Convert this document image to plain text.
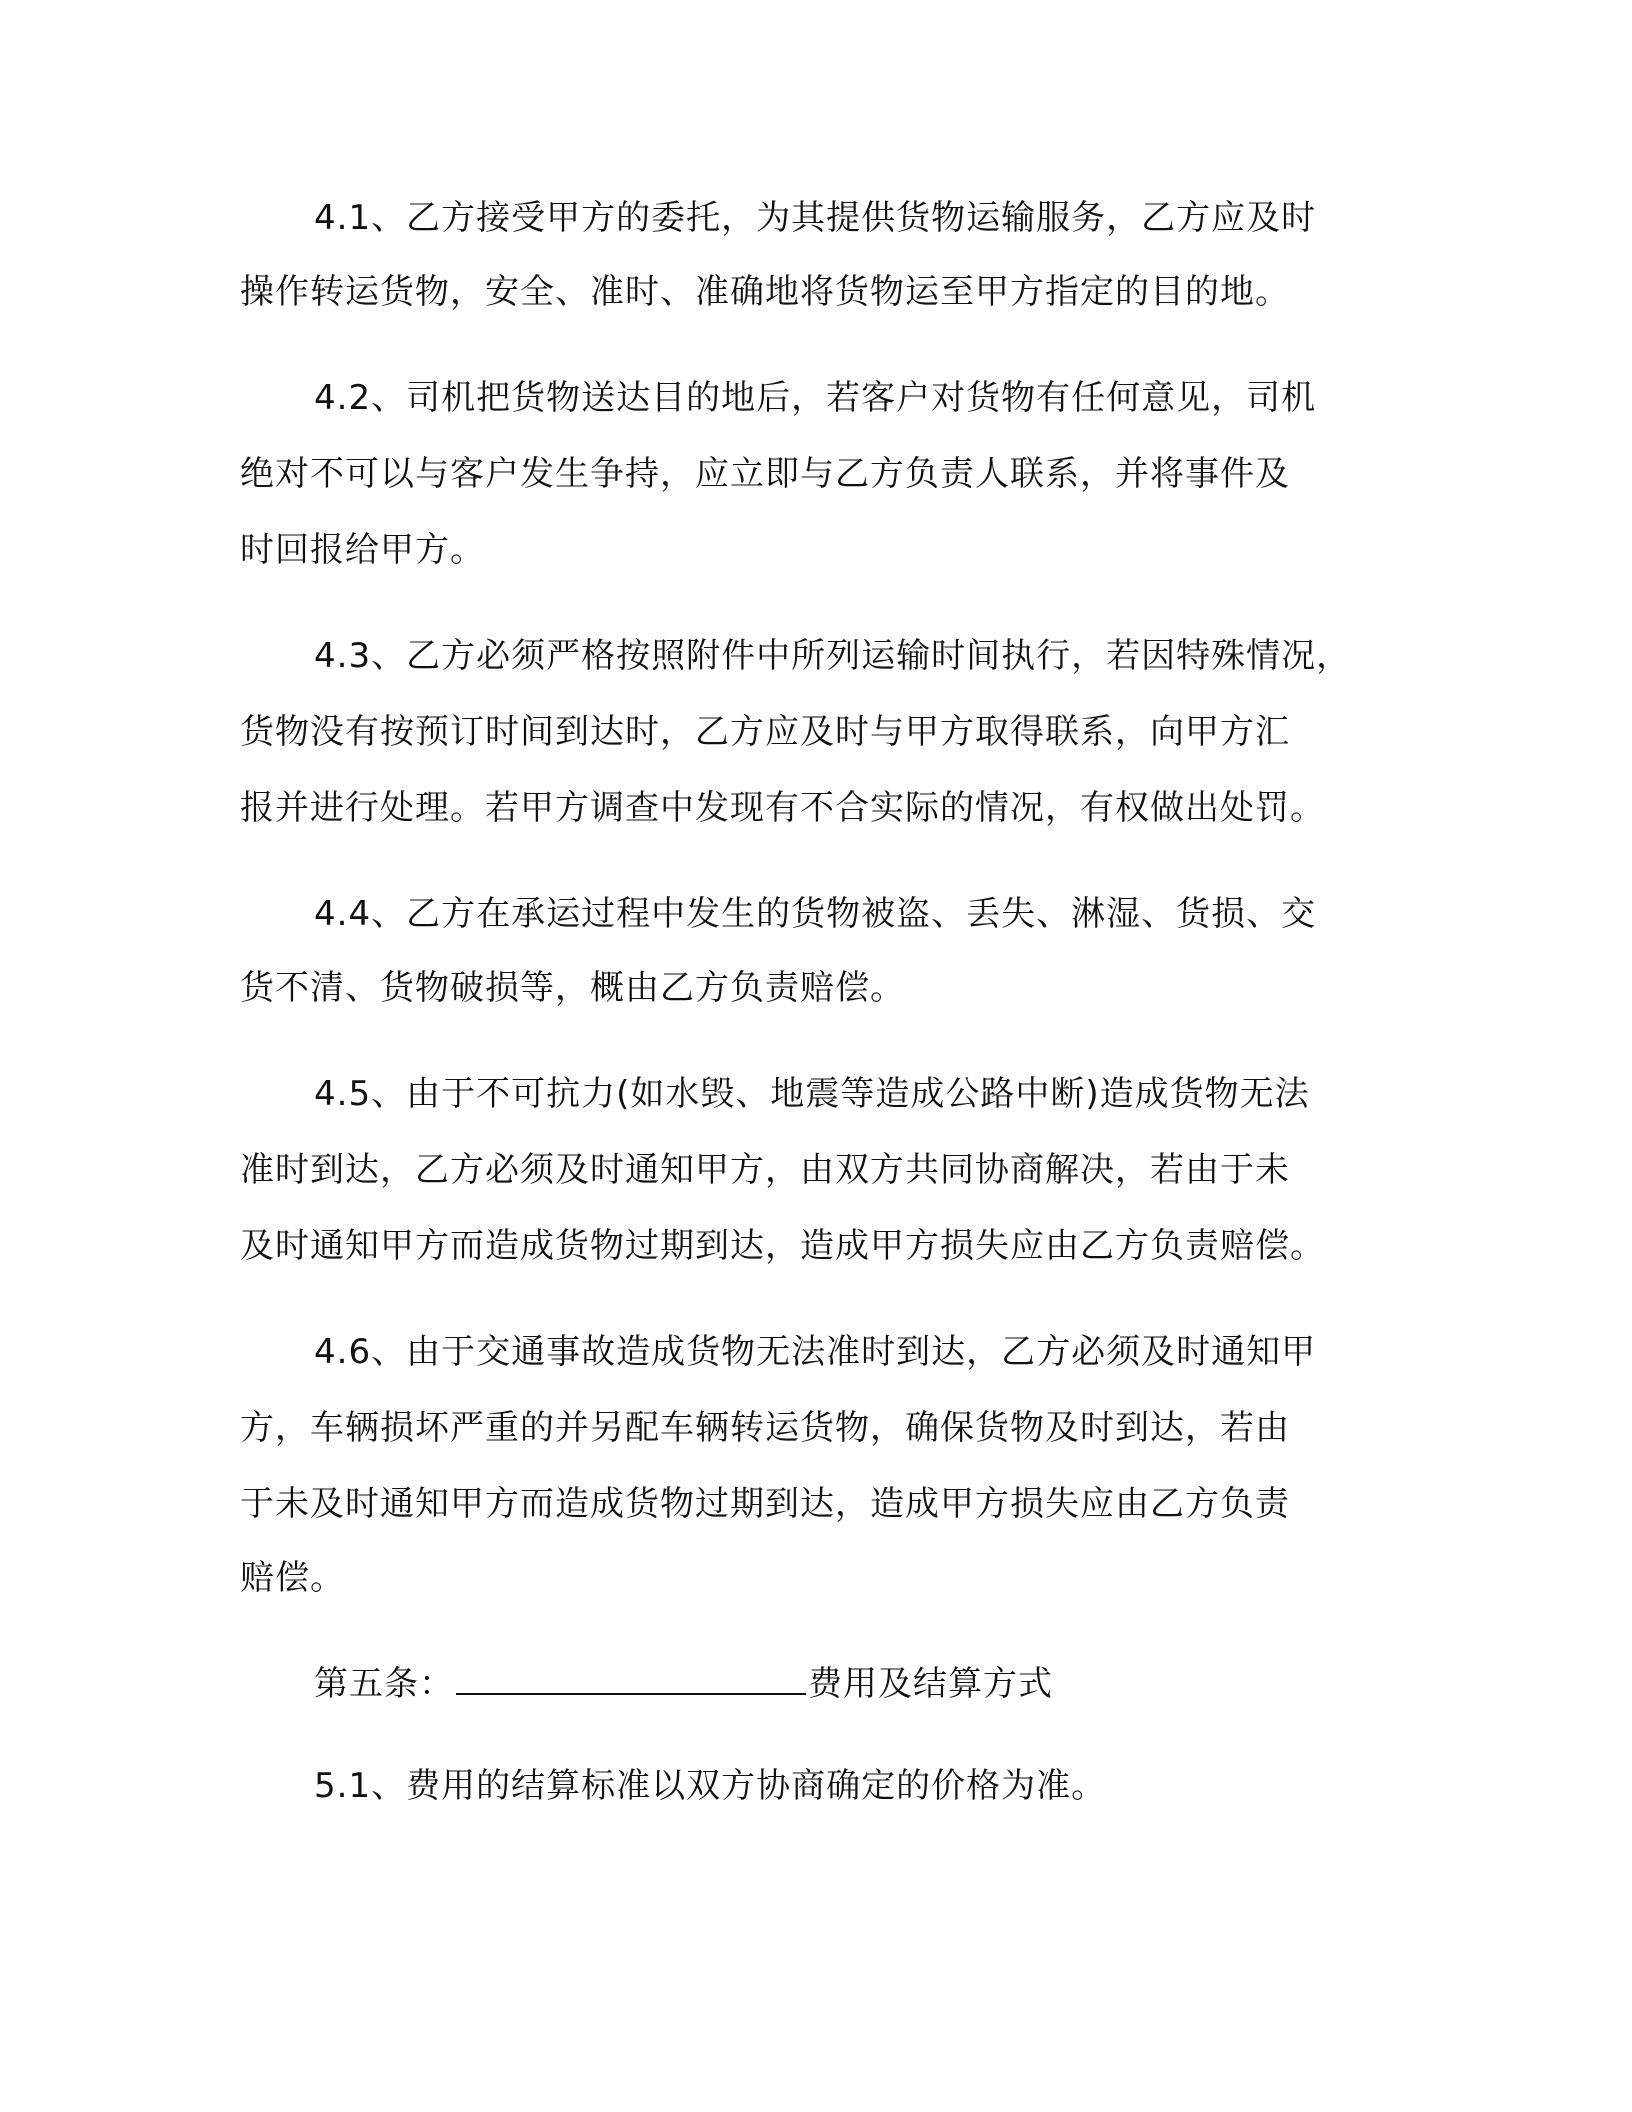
4.1、乙方接受甲方的委托，为其提供货物运输服务，乙方应及时
操作转运货物，安全、准时、准确地将货物运至甲方指定的目的地。
4.2、司机把货物送达目的地后，若客户对货物有任何意见，司机
绝对不可以与客户发生争持，应立即与乙方负责人联系，并将事件及
时回报给甲方。
4.3、乙方必须严格按照附件中所列运输时间执行，若因特殊情况，
货物没有按预订时间到达时，乙方应及时与甲方取得联系，向甲方汇
报并进行处理。若甲方调查中发现有不合实际的情况，有权做出处罚。
4.4、乙方在承运过程中发生的货物被盗、丢失、淋湿、货损、交
货不清、货物破损等，概由乙方负责赔偿。
4.5、由于不可抗力(如水毁、地震等造成公路中断)造成货物无法
准时到达，乙方必须及时通知甲方，由双方共同协商解决，若由于未
及时通知甲方而造成货物过期到达，造成甲方损失应由乙方负责赔偿。
4.6、由于交通事故造成货物无法准时到达，乙方必须及时通知甲
方，车辆损坏严重的并另配车辆转运货物，确保货物及时到达，若由
于未及时通知甲方而造成货物过期到达，造成甲方损失应由乙方负责
赔偿。
第五条：	费用及结算方式
5.1、费用的结算标准以双方协商确定的价格为准。
